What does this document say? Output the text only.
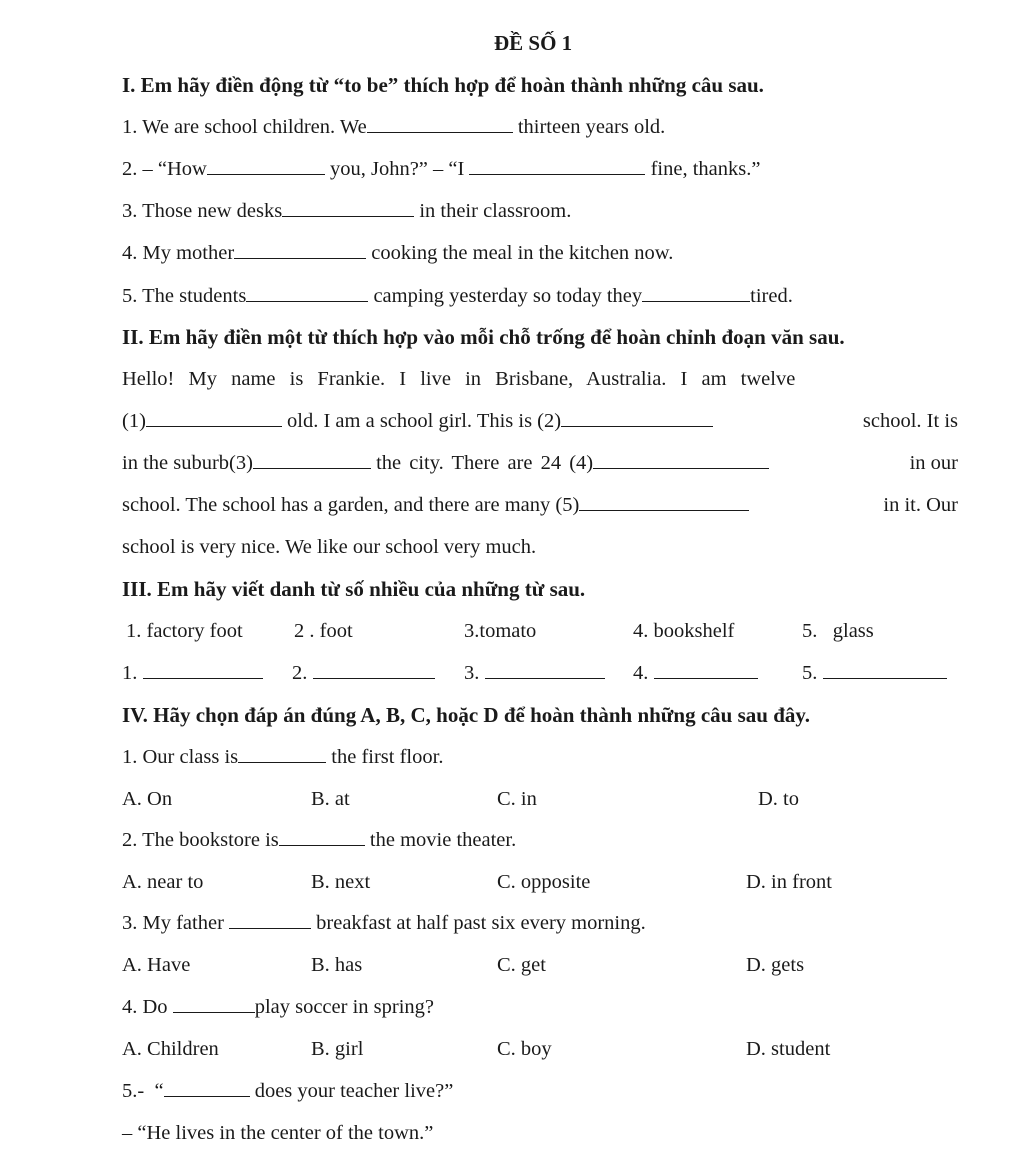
ĐỀ SỐ 1
I. Em hãy điền động từ “to be” thích hợp để hoàn thành những câu sau.
1. We are school children. We	thirteen years old.
2. – “How	you, John?” – “I	fine, thanks.”
3. Those new desks	in their classroom.
4. My mother	cooking the meal in the kitchen now.
5. The students	camping yesterday so today they	tired.
II. Em hãy điền một từ thích hợp vào mỗi chỗ trống để hoàn chỉnh đoạn văn sau.
Hello! My name is Frankie. I live in Brisbane, Australia. I am twelve
(1)	old. I am a school girl. This is (2)	school. It is
in the suburb(3)	the city. There are 24 (4)	in our
school. The school has a garden, and there are many (5)	in it. Our
school is very nice. We like our school very much.
III. Em hãy viết danh từ số nhiều của những từ sau.
1. factory foot	2 . foot	3.tomato	4. bookshelf	5.   glass
1.	2.	3.	4.	5.
IV. Hãy chọn đáp án đúng A, B, C, hoặc D để hoàn thành những câu sau đây.
1. Our class is	the first floor.
A. On	B. at	C. in	D. to
2. The bookstore is	the movie theater.
A. near to	B. next	C. opposite	D. in front
3. My father	breakfast at half past six every morning.
A. Have	B. has	C. get	D. gets
4. Do	play soccer in spring?
A. Children	B. girl	C. boy	D. student
5.-  “	does your teacher live?”
– “He lives in the center of the town.”
